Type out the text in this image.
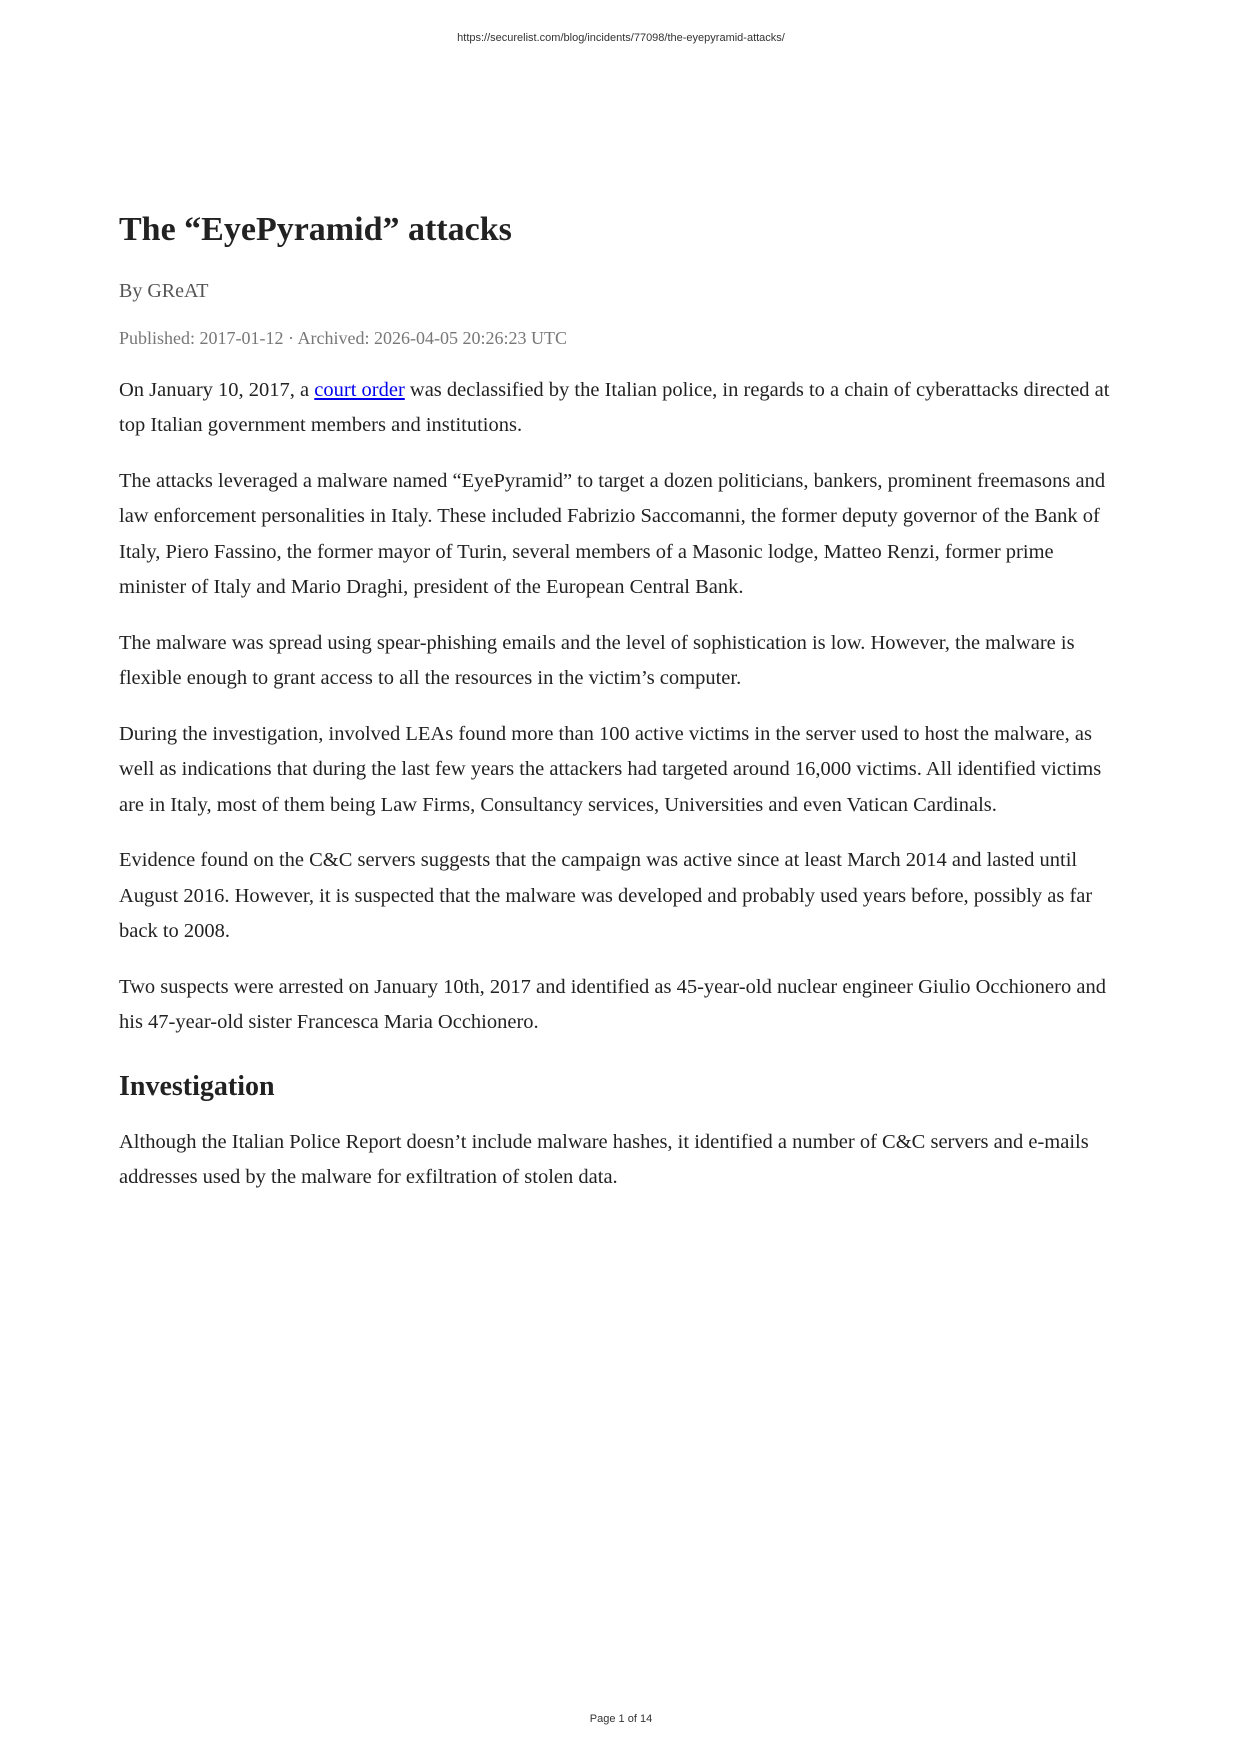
https://securelist.com/blog/incidents/77098/the-eyepyramid-attacks/
The “EyePyramid” attacks
By GReAT
Published: 2017-01-12 · Archived: 2026-04-05 20:26:23 UTC

On January 10, 2017, a court order was declassified by the Italian police, in regards to a chain of cyberattacks directed at top Italian government members and institutions.

The attacks leveraged a malware named “EyePyramid” to target a dozen politicians, bankers, prominent freemasons and law enforcement personalities in Italy. These included Fabrizio Saccomanni, the former deputy governor of the Bank of Italy, Piero Fassino, the former mayor of Turin, several members of a Masonic lodge, Matteo Renzi, former prime minister of Italy and Mario Draghi, president of the European Central Bank.

The malware was spread using spear-phishing emails and the level of sophistication is low. However, the malware is flexible enough to grant access to all the resources in the victim’s computer.

During the investigation, involved LEAs found more than 100 active victims in the server used to host the malware, as well as indications that during the last few years the attackers had targeted around 16,000 victims. All identified victims are in Italy, most of them being Law Firms, Consultancy services, Universities and even Vatican Cardinals.

Evidence found on the C&C servers suggests that the campaign was active since at least March 2014 and lasted until August 2016. However, it is suspected that the malware was developed and probably used years before, possibly as far back to 2008.

Two suspects were arrested on January 10th, 2017 and identified as 45-year-old nuclear engineer Giulio Occhionero and his 47-year-old sister Francesca Maria Occhionero.

Investigation

Although the Italian Police Report doesn’t include malware hashes, it identified a number of C&C servers and e-mails addresses used by the malware for exfiltration of stolen data.

Page 1 of 14
